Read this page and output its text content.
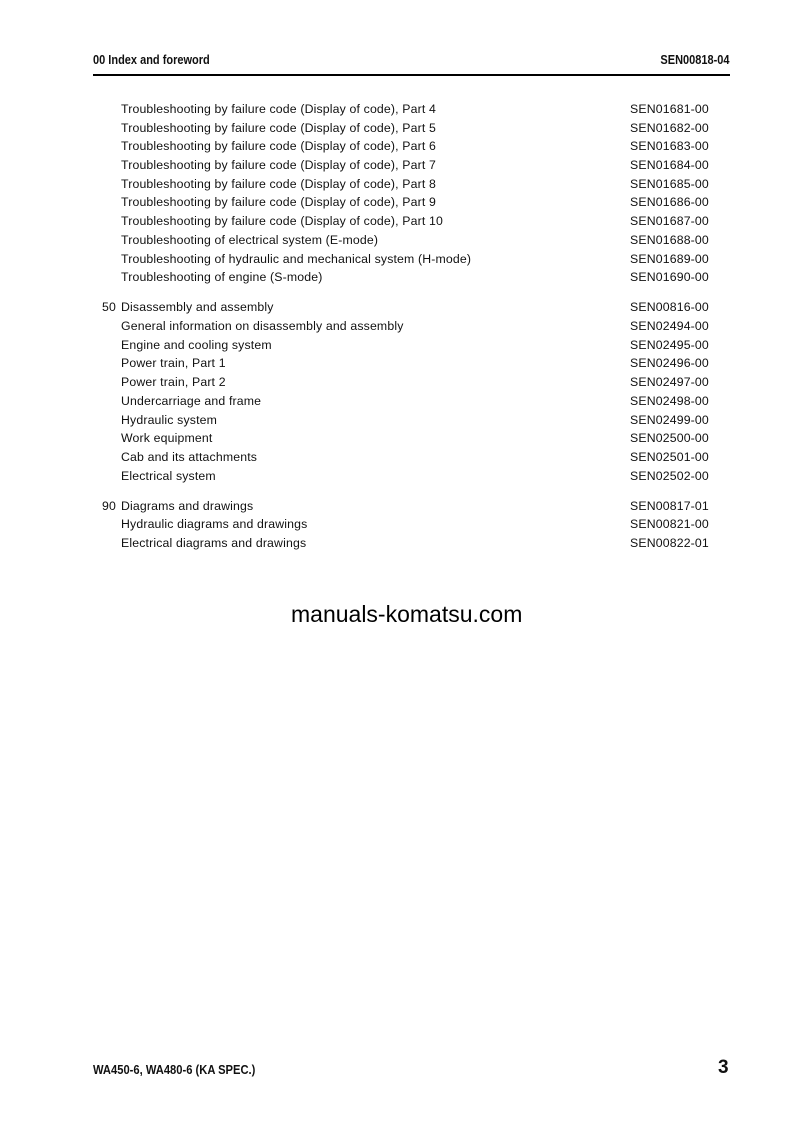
00 Index and foreword	SEN00818-04
Troubleshooting by failure code (Display of code), Part 4	SEN01681-00
Troubleshooting by failure code (Display of code), Part 5	SEN01682-00
Troubleshooting by failure code (Display of code), Part 6	SEN01683-00
Troubleshooting by failure code (Display of code), Part 7	SEN01684-00
Troubleshooting by failure code (Display of code), Part 8	SEN01685-00
Troubleshooting by failure code (Display of code), Part 9	SEN01686-00
Troubleshooting by failure code (Display of code), Part 10	SEN01687-00
Troubleshooting of electrical system (E-mode)	SEN01688-00
Troubleshooting of hydraulic and mechanical system (H-mode)	SEN01689-00
Troubleshooting of engine (S-mode)	SEN01690-00
50 Disassembly and assembly	SEN00816-00
General information on disassembly and assembly	SEN02494-00
Engine and cooling system	SEN02495-00
Power train, Part 1	SEN02496-00
Power train, Part 2	SEN02497-00
Undercarriage and frame	SEN02498-00
Hydraulic system	SEN02499-00
Work equipment	SEN02500-00
Cab and its attachments	SEN02501-00
Electrical system	SEN02502-00
90 Diagrams and drawings	SEN00817-01
Hydraulic diagrams and drawings	SEN00821-00
Electrical diagrams and drawings	SEN00822-01
manuals-komatsu.com
WA450-6, WA480-6 (KA SPEC.)	3
